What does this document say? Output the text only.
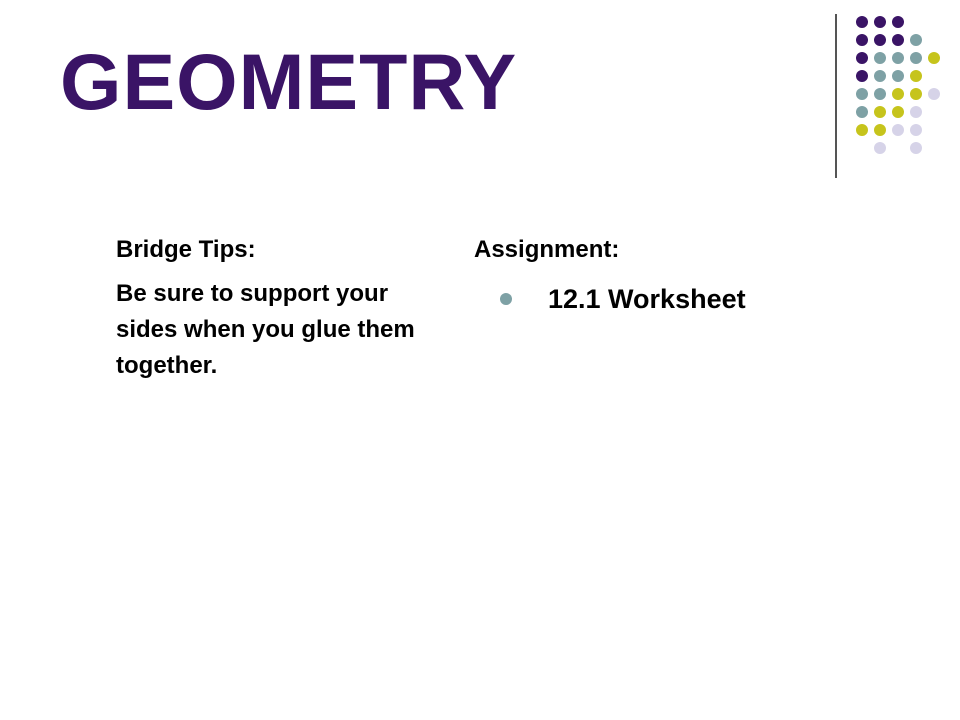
GEOMETRY

Bridge Tips:

Be sure to support your sides when you glue them together.

Assignment:

12.1 Worksheet
